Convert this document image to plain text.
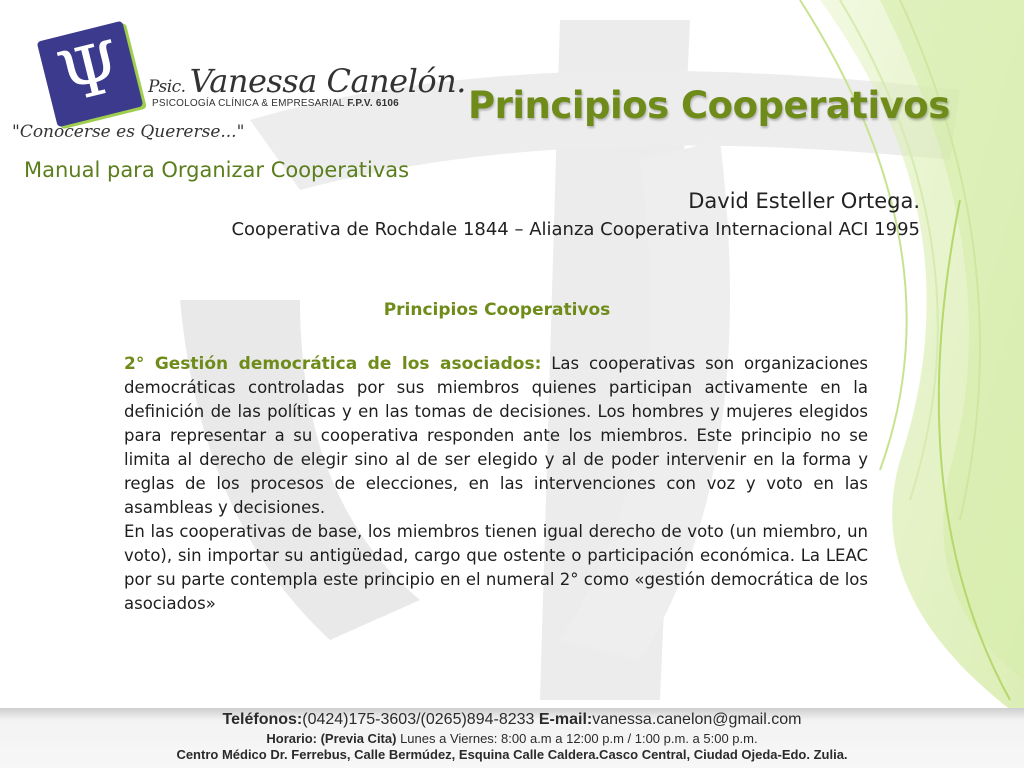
Ψ	Psic. Vanessa Canelón.
PSICOLOGÍA CLÍNICA & EMPRESARIAL F.P.V. 6106
"Conocerse es Quererse..."
Principios Cooperativos
Manual para Organizar Cooperativas
David Esteller Ortega.
Cooperativa de Rochdale 1844 – Alianza Cooperativa Internacional ACI 1995
Principios Cooperativos

2° Gestión democrática de los asociados: Las cooperativas son organizaciones democráticas controladas por sus miembros quienes participan activamente en la definición de las políticas y en las tomas de decisiones. Los hombres y mujeres elegidos para representar a su cooperativa responden ante los miembros. Este principio no se limita al derecho de elegir sino al de ser elegido y al de poder intervenir en la forma y reglas de los procesos de elecciones, en las intervenciones con voz y voto en las asambleas y decisiones.

En las cooperativas de base, los miembros tienen igual derecho de voto (un miembro, un voto), sin importar su antigüedad, cargo que ostente o participación económica. La LEAC por su parte contempla este principio en el numeral 2° como «gestión democrática de los asociados»

Teléfonos:(0424)175-3603/(0265)894-8233 E-mail:vanessa.canelon@gmail.com
Horario: (Previa Cita) Lunes a Viernes: 8:00 a.m a 12:00 p.m / 1:00 p.m. a 5:00 p.m.
Centro Médico Dr. Ferrebus, Calle Bermúdez, Esquina Calle Caldera.Casco Central, Ciudad Ojeda-Edo. Zulia.
